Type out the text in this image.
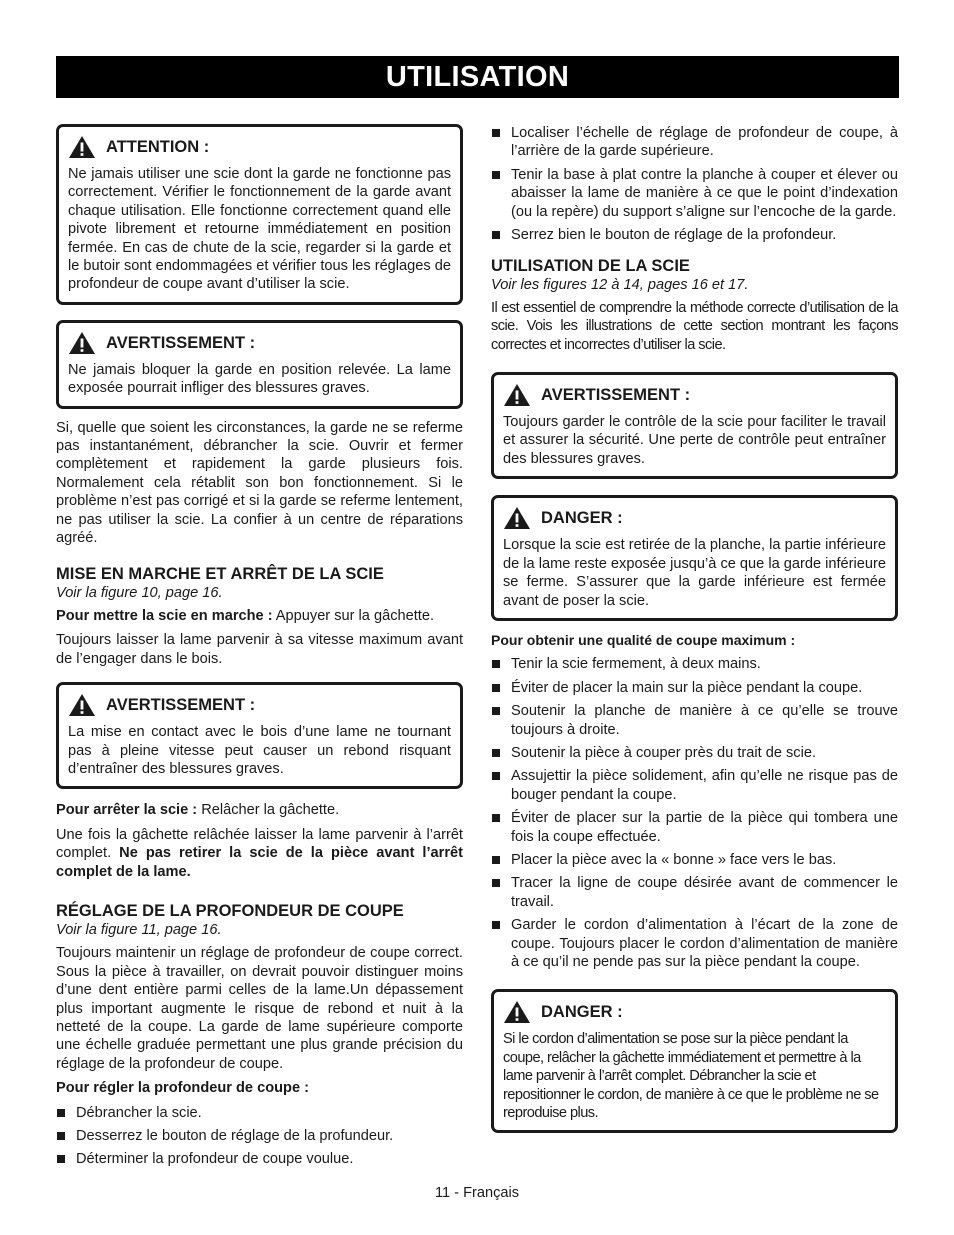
UTILISATION
ATTENTION :

Ne jamais utiliser une scie dont la garde ne fonctionne pas correctement. Vérifier le fonctionnement de la garde avant chaque utilisation. Elle fonctionne correctement quand elle pivote librement et retourne immédiatement en position fermée. En cas de chute de la scie, regarder si la garde et le butoir sont endommagées et vérifier tous les réglages de profondeur de coupe avant d’utiliser la scie.

AVERTISSEMENT :

Ne jamais bloquer la garde en position relevée. La lame exposée pourrait infliger des blessures graves.

Si, quelle que soient les circonstances, la garde ne se referme pas instantanément, débrancher la scie. Ouvrir et fermer complètement et rapidement la garde plusieurs fois. Normalement cela rétablit son bon fonctionnement. Si le problème n’est pas corrigé et si la garde se referme lentement, ne pas utiliser la scie. La confier à un centre de réparations agréé.

MISE EN MARCHE ET ARRÊT DE LA SCIE
Voir la figure 10, page 16.

Pour mettre la scie en marche : Appuyer sur la gâchette.

Toujours laisser la lame parvenir à sa vitesse maximum avant de l’engager dans le bois.

AVERTISSEMENT :

La mise en contact avec le bois d’une lame ne tournant pas à pleine vitesse peut causer un rebond risquant d’entraîner des blessures graves.

Pour arrêter la scie : Relâcher la gâchette.

Une fois la gâchette relâchée laisser la lame parvenir à l’arrêt complet. Ne pas retirer la scie de la pièce avant l’arrêt complet de la lame.

RÉGLAGE DE LA PROFONDEUR DE COUPE
Voir la figure 11, page 16.

Toujours maintenir un réglage de profondeur de coupe correct. Sous la pièce à travailler, on devrait pouvoir distinguer moins d’une dent entière parmi celles de la lame.Un dépassement plus important augmente le risque de rebond et nuit à la netteté de la coupe. La garde de lame supérieure comporte une échelle graduée permettant une plus grande précision du réglage de la profondeur de coupe.

Pour régler la profondeur de coupe :

Débrancher la scie.
Desserrez le bouton de réglage de la profundeur.
Déterminer la profondeur de coupe voulue.
Localiser l’échelle de réglage de profondeur de coupe, à l’arrière de la garde supérieure.
Tenir la base à plat contre la planche à couper et élever ou abaisser la lame de manière à ce que le point d’indexation (ou la repère) du support s’aligne sur l’encoche de la garde.
Serrez bien le bouton de réglage de la profondeur.
UTILISATION DE LA SCIE
Voir les figures 12 à 14, pages 16 et 17.

Il est essentiel de comprendre la méthode correcte d’utilisation de la scie. Vois les illustrations de cette section montrant les façons correctes et incorrectes d’utiliser la scie.

AVERTISSEMENT :

Toujours garder le contrôle de la scie pour faciliter le travail et assurer la sécurité. Une perte de contrôle peut entraîner des blessures graves.

DANGER :

Lorsque la scie est retirée de la planche, la partie inférieure de la lame reste exposée jusqu’à ce que la garde inférieure se ferme. S’assurer que la garde inférieure est fermée avant de poser la scie.

Pour obtenir une qualité de coupe maximum :

Tenir la scie fermement, à deux mains.
Éviter de placer la main sur la pièce pendant la coupe.
Soutenir la planche de manière à ce qu’elle se trouve toujours à droite.
Soutenir la pièce à couper près du trait de scie.
Assujettir la pièce solidement, afin qu’elle ne risque pas de bouger pendant la coupe.
Éviter de placer sur la partie de la pièce qui tombera une fois la coupe effectuée.
Placer la pièce avec la « bonne » face vers le bas.
Tracer la ligne de coupe désirée avant de commencer le travail.
Garder le cordon d’alimentation à l’écart de la zone de coupe. Toujours placer le cordon d’alimentation de manière à ce qu’il ne pende pas sur la pièce pendant la coupe.
DANGER :

Si le cordon d’alimentation se pose sur la pièce pendant la coupe, relâcher la gâchette immédiatement et permettre à la lame parvenir à l’arrêt complet. Débrancher la scie et repositionner le cordon, de manière à ce que le problème ne se reproduise plus.

11 - Français
